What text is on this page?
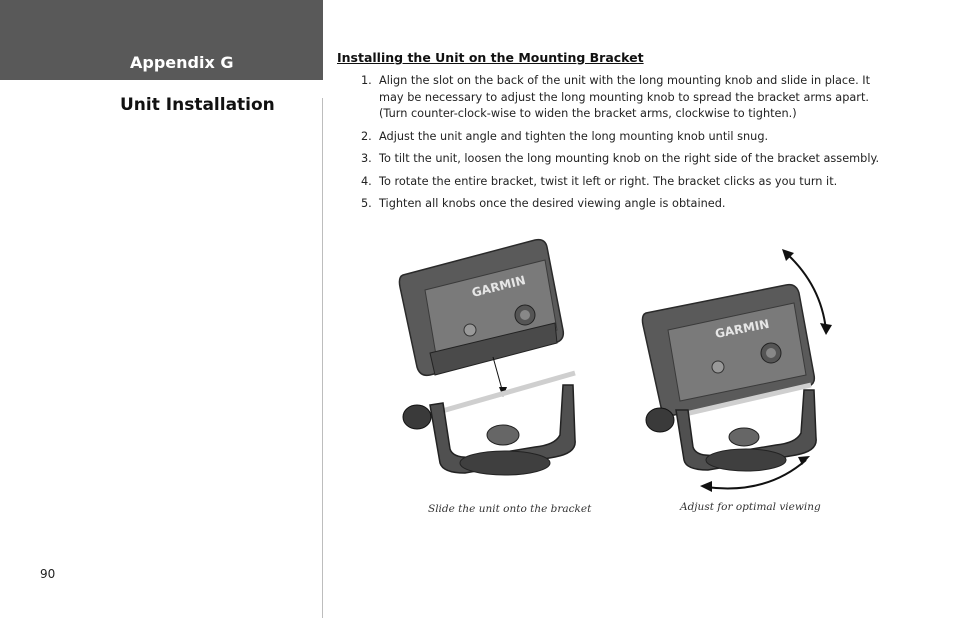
Appendix G
Unit Installation
90
Installing the Unit on the Mounting Bracket
1. Align the slot on the back of the unit with the long mounting knob and slide in place. It may be necessary to adjust the long mounting knob to spread the bracket arms apart. (Turn counter-clock-wise to widen the bracket arms, clockwise to tighten.)
2. Adjust the unit angle and tighten the long mounting knob until snug.
3. To tilt the unit, loosen the long mounting knob on the right side of the bracket assembly.
4. To rotate the entire bracket, twist it left or right. The bracket clicks as you turn it.
5. Tighten all knobs once the desired viewing angle is obtained.
GARMIN
Slide the unit onto the bracket
GARMIN
Adjust for optimal viewing
